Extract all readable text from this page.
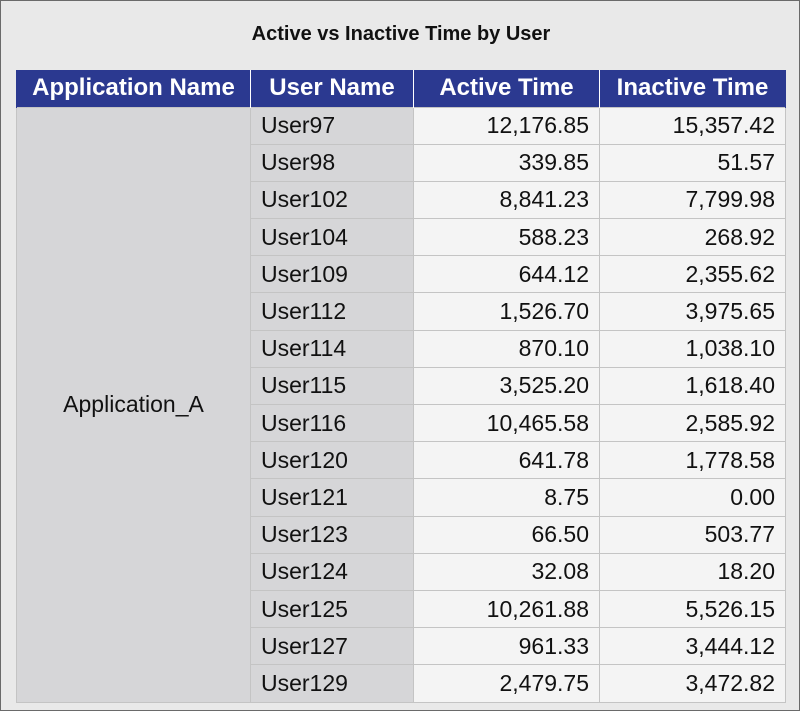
Active vs Inactive Time by User
Application Name	User Name	Active Time	Inactive Time
Application_A	User97	12,176.85	15,357.42
	User98	339.85	51.57
	User102	8,841.23	7,799.98
	User104	588.23	268.92
	User109	644.12	2,355.62
	User112	1,526.70	3,975.65
	User114	870.10	1,038.10
	User115	3,525.20	1,618.40
	User116	10,465.58	2,585.92
	User120	641.78	1,778.58
	User121	8.75	0.00
	User123	66.50	503.77
	User124	32.08	18.20
	User125	10,261.88	5,526.15
	User127	961.33	3,444.12
	User129	2,479.75	3,472.82
